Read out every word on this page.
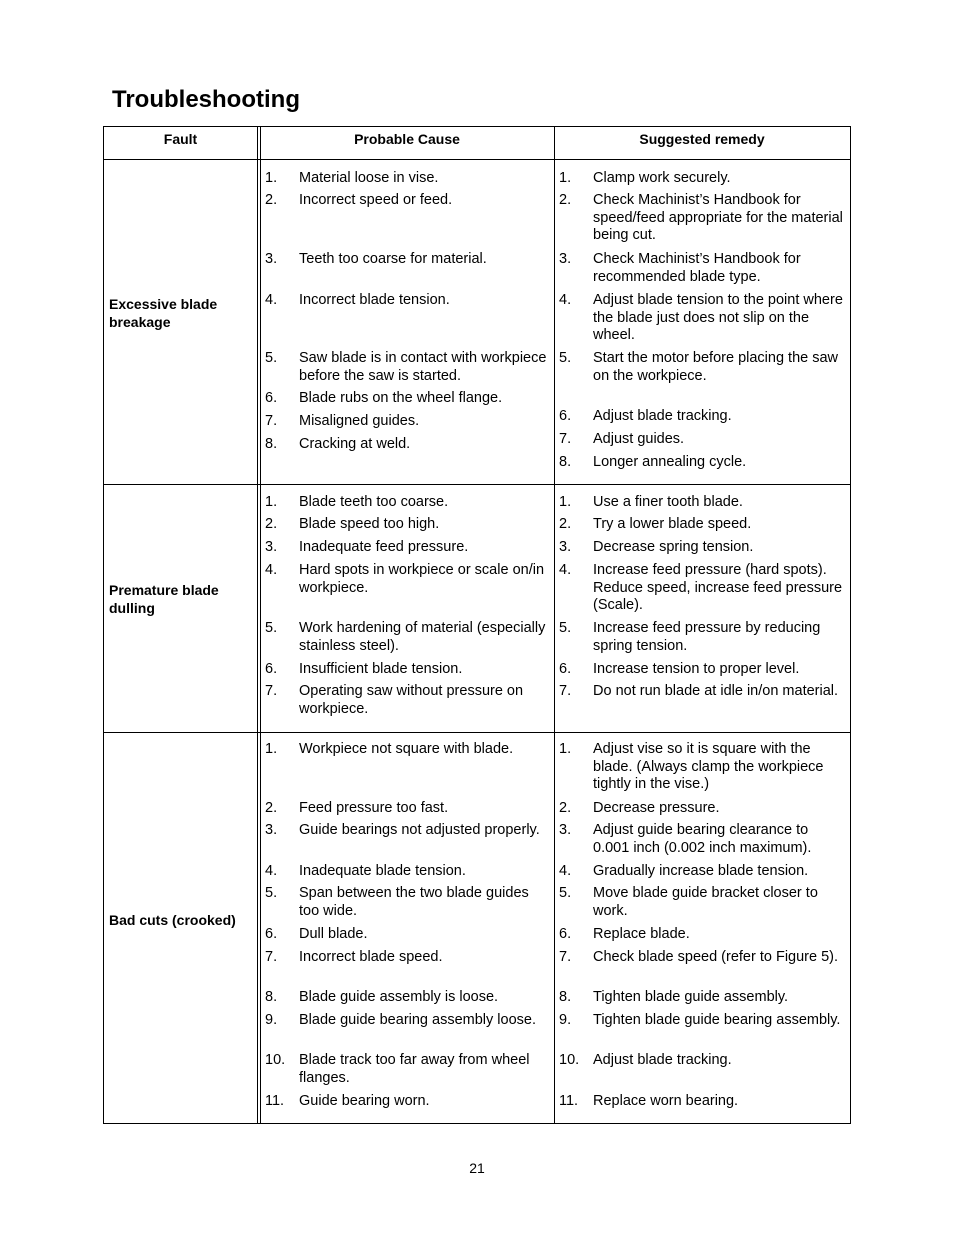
Troubleshooting
Fault	Probable Cause	Suggested remedy
Excessive blade breakage
1. Material loose in vise.
2. Incorrect speed or feed.
3. Teeth too coarse for material.
4. Incorrect blade tension.
5. Saw blade is in contact with workpiece before the saw is started.
6. Blade rubs on the wheel flange.
7. Misaligned guides.
8. Cracking at weld.
1. Clamp work securely.
2. Check Machinist’s Handbook for speed/feed appropriate for the material being cut.
3. Check Machinist’s Handbook for recommended blade type.
4. Adjust blade tension to the point where the blade just does not slip on the wheel.
5. Start the motor before placing the saw on the workpiece.
6. Adjust blade tracking.
7. Adjust guides.
8. Longer annealing cycle.
Premature blade dulling
1. Blade teeth too coarse.
2. Blade speed too high.
3. Inadequate feed pressure.
4. Hard spots in workpiece or scale on/in workpiece.
5. Work hardening of material (especially stainless steel).
6. Insufficient blade tension.
7. Operating saw without pressure on workpiece.
1. Use a finer tooth blade.
2. Try a lower blade speed.
3. Decrease spring tension.
4. Increase feed pressure (hard spots). Reduce speed, increase feed pressure (Scale).
5. Increase feed pressure by reducing spring tension.
6. Increase tension to proper level.
7. Do not run blade at idle in/on material.
Bad cuts (crooked)
1. Workpiece not square with blade.
2. Feed pressure too fast.
3. Guide bearings not adjusted properly.
4. Inadequate blade tension.
5. Span between the two blade guides too wide.
6. Dull blade.
7. Incorrect blade speed.
8. Blade guide assembly is loose.
9. Blade guide bearing assembly loose.
10. Blade track too far away from wheel flanges.
11. Guide bearing worn.
1. Adjust vise so it is square with the blade. (Always clamp the workpiece tightly in the vise.)
2. Decrease pressure.
3. Adjust guide bearing clearance to 0.001 inch (0.002 inch maximum).
4. Gradually increase blade tension.
5. Move blade guide bracket closer to work.
6. Replace blade.
7. Check blade speed (refer to Figure 5).
8. Tighten blade guide assembly.
9. Tighten blade guide bearing assembly.
10. Adjust blade tracking.
11. Replace worn bearing.
21
